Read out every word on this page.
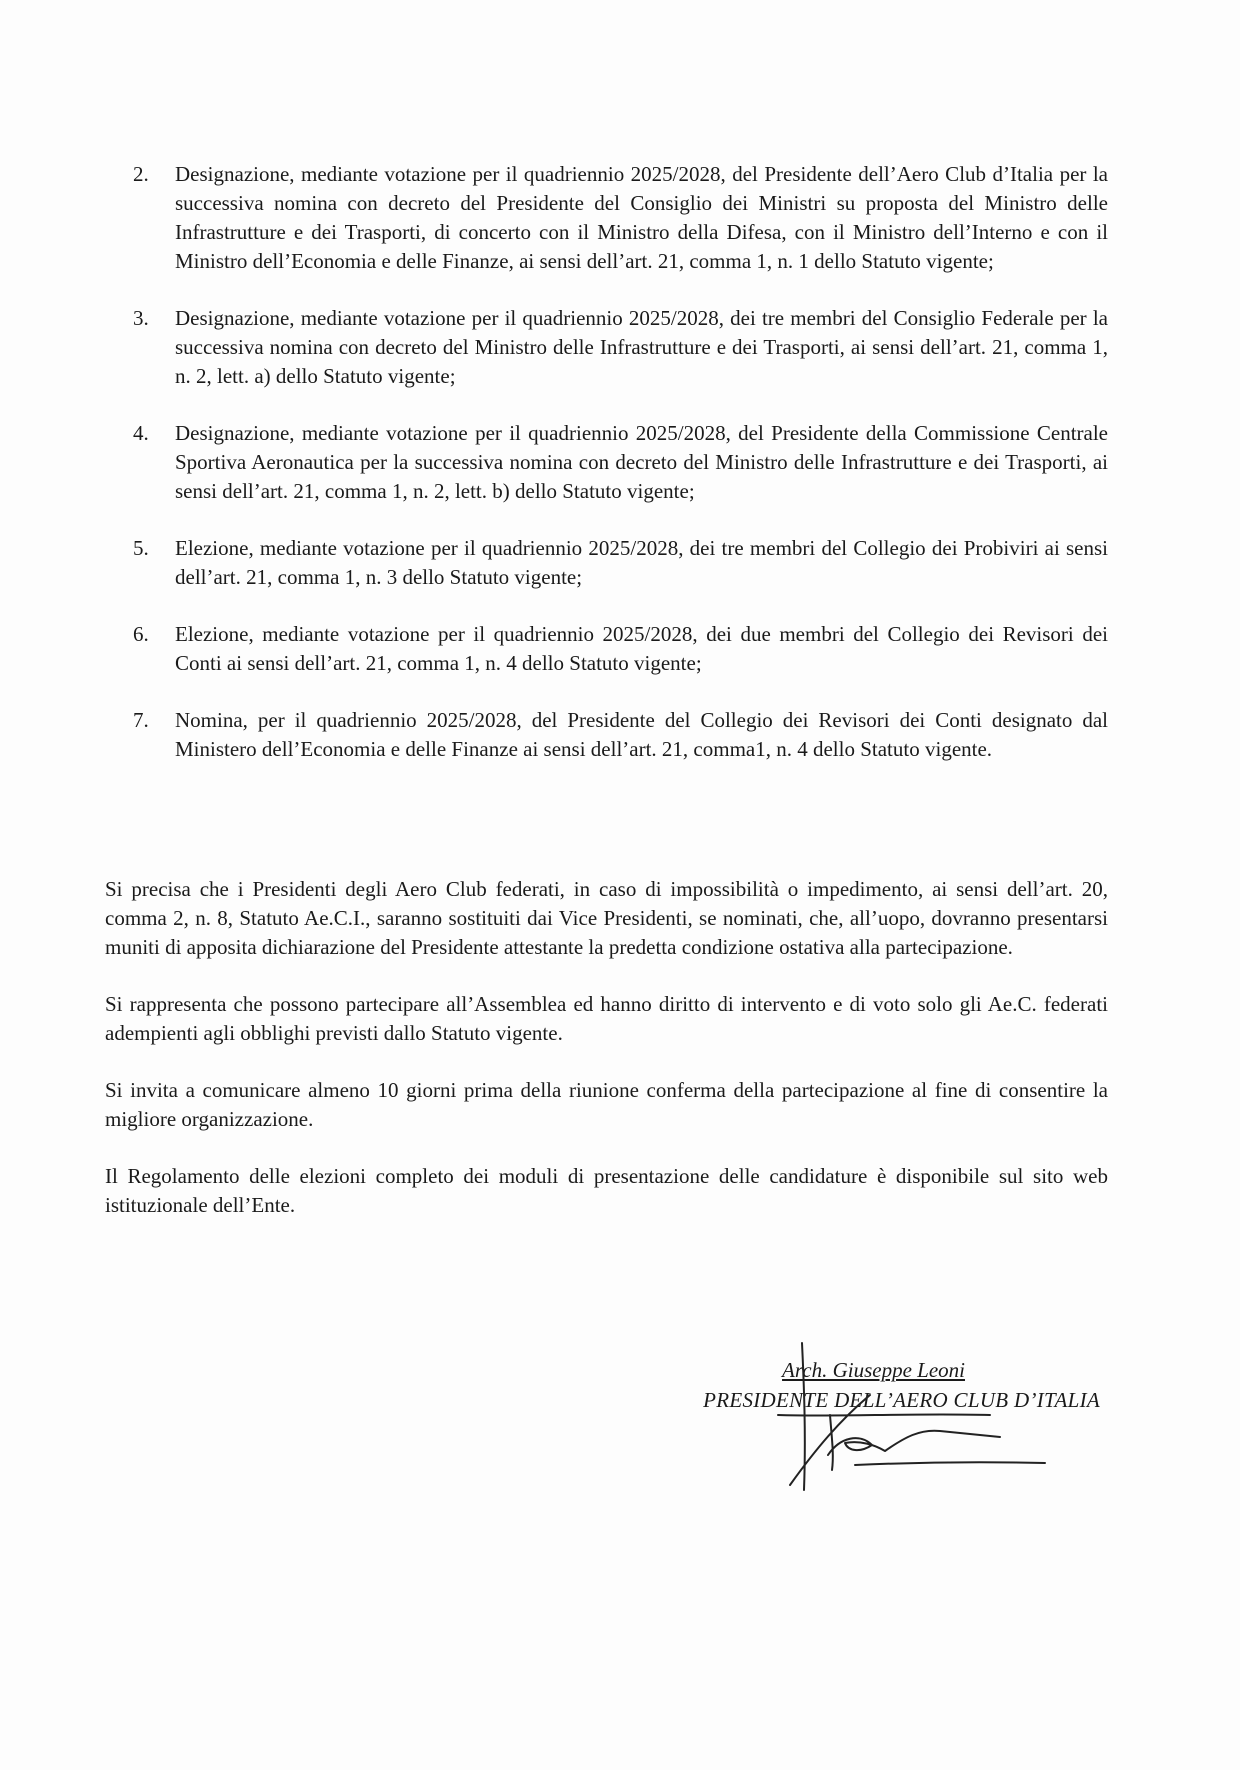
2.	Designazione, mediante votazione per il quadriennio 2025/2028, del Presidente dell’Aero Club d’Italia per la successiva nomina con decreto del Presidente del Consiglio dei Ministri su proposta del Ministro delle Infrastrutture e dei Trasporti, di concerto con il Ministro della Difesa, con il Ministro dell’Interno e con il Ministro dell’Economia e delle Finanze, ai sensi dell’art. 21, comma 1, n. 1 dello Statuto vigente;
3.	Designazione, mediante votazione per il quadriennio 2025/2028, dei tre membri del Consiglio Federale per la successiva nomina con decreto del Ministro delle Infrastrutture e dei Trasporti, ai sensi dell’art. 21, comma 1, n. 2, lett. a) dello Statuto vigente;
4.	Designazione, mediante votazione per il quadriennio 2025/2028, del Presidente della Commissione Centrale Sportiva Aeronautica per la successiva nomina con decreto del Ministro delle Infrastrutture e dei Trasporti, ai sensi dell’art. 21, comma 1, n. 2, lett. b) dello Statuto vigente;
5.	Elezione, mediante votazione per il quadriennio 2025/2028, dei tre membri del Collegio dei Probiviri ai sensi dell’art. 21, comma 1, n. 3 dello Statuto vigente;
6.	Elezione, mediante votazione per il quadriennio 2025/2028, dei due membri del Collegio dei Revisori dei Conti ai sensi dell’art. 21, comma 1, n. 4 dello Statuto vigente;
7.	Nomina, per il quadriennio 2025/2028, del Presidente del Collegio dei Revisori dei Conti designato dal Ministero dell’Economia e delle Finanze ai sensi dell’art. 21, comma1, n. 4 dello Statuto vigente.

Si precisa che i Presidenti degli Aero Club federati, in caso di impossibilità o impedimento, ai sensi dell’art. 20, comma 2, n. 8, Statuto Ae.C.I., saranno sostituiti dai Vice Presidenti, se nominati, che, all’uopo, dovranno presentarsi muniti di apposita dichiarazione del Presidente attestante la predetta condizione ostativa alla partecipazione.

Si rappresenta che possono partecipare all’Assemblea ed hanno diritto di intervento e di voto solo gli Ae.C. federati adempienti agli obblighi previsti dallo Statuto vigente.

Si invita a comunicare almeno 10 giorni prima della riunione conferma della partecipazione al fine di consentire la migliore organizzazione.

Il Regolamento delle elezioni completo dei moduli di presentazione delle candidature è disponibile sul sito web istituzionale dell’Ente.

Arch. Giuseppe Leoni
PRESIDENTE DELL’AERO CLUB D’ITALIA
